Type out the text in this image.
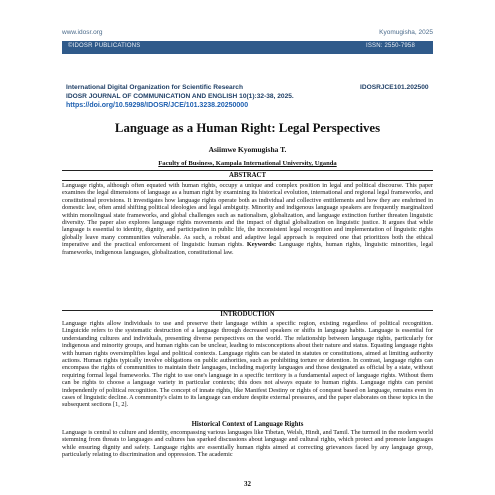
www.idosr.org	Kyomugisha, 2025
©IDOSR PUBLICATIONS	ISSN: 2550-7958
International Digital Organization for Scientific Research	IDOSRJCE101.202500
IDOSR JOURNAL OF COMMUNICATION AND ENGLISH 10(1):32-38, 2025.
https://doi.org/10.59298/IDOSR/JCE/101.3238.20250000
Language as a Human Right: Legal Perspectives
Asiimwe Kyomugisha T.
Faculty of Business, Kampala International University, Uganda
ABSTRACT
Language rights, although often equated with human rights, occupy a unique and complex position in legal and political discourse. This paper examines the legal dimensions of language as a human right by examining its historical evolution, international and regional legal frameworks, and constitutional provisions. It investigates how language rights operate both as individual and collective entitlements and how they are enshrined in domestic law, often amid shifting political ideologies and legal ambiguity. Minority and indigenous language speakers are frequently marginalized within monolingual state frameworks, and global challenges such as nationalism, globalization, and language extinction further threaten linguistic diversity. The paper also explores language rights movements and the impact of digital globalization on linguistic justice. It argues that while language is essential to identity, dignity, and participation in public life, the inconsistent legal recognition and implementation of linguistic rights globally leave many communities vulnerable. As such, a robust and adaptive legal approach is required one that prioritizes both the ethical imperative and the practical enforcement of linguistic human rights. Keywords: Language rights, human rights, linguistic minorities, legal frameworks, indigenous languages, globalization, constitutional law.
INTRODUCTION
Language rights allow individuals to use and preserve their language within a specific region, existing regardless of political recognition. Linguicide refers to the systematic destruction of a language through decreased speakers or shifts in language habits. Language is essential for understanding cultures and individuals, presenting diverse perspectives on the world. The relationship between language rights, particularly for indigenous and minority groups, and human rights can be unclear, leading to misconceptions about their nature and status. Equating language rights with human rights oversimplifies legal and political contexts. Language rights can be stated in statutes or constitutions, aimed at limiting authority actions. Human rights typically involve obligations on public authorities, such as prohibiting torture or detention. In contrast, language rights can encompass the rights of communities to maintain their languages, including majority languages and those designated as official by a state, without requiring formal legal frameworks. The right to use one's language in a specific territory is a fundamental aspect of language rights. Without them can be rights to choose a language variety in particular contexts; this does not always equate to human rights. Language rights can persist independently of political recognition. The concept of innate rights, like Manifest Destiny or rights of conquest based on language, remains even in cases of linguistic decline. A community's claim to its language can endure despite external pressures, and the paper elaborates on these topics in the subsequent sections [1, 2].
Historical Context of Language Rights
Language is central to culture and identity, encompassing various languages like Tibetan, Welsh, Hindi, and Tamil. The turmoil in the modern world stemming from threats to languages and cultures has sparked discussions about language and cultural rights, which protect and promote languages while ensuring dignity and safety. Language rights are essentially human rights aimed at correcting grievances faced by any language group, particularly relating to discrimination and oppression. The academic
32
